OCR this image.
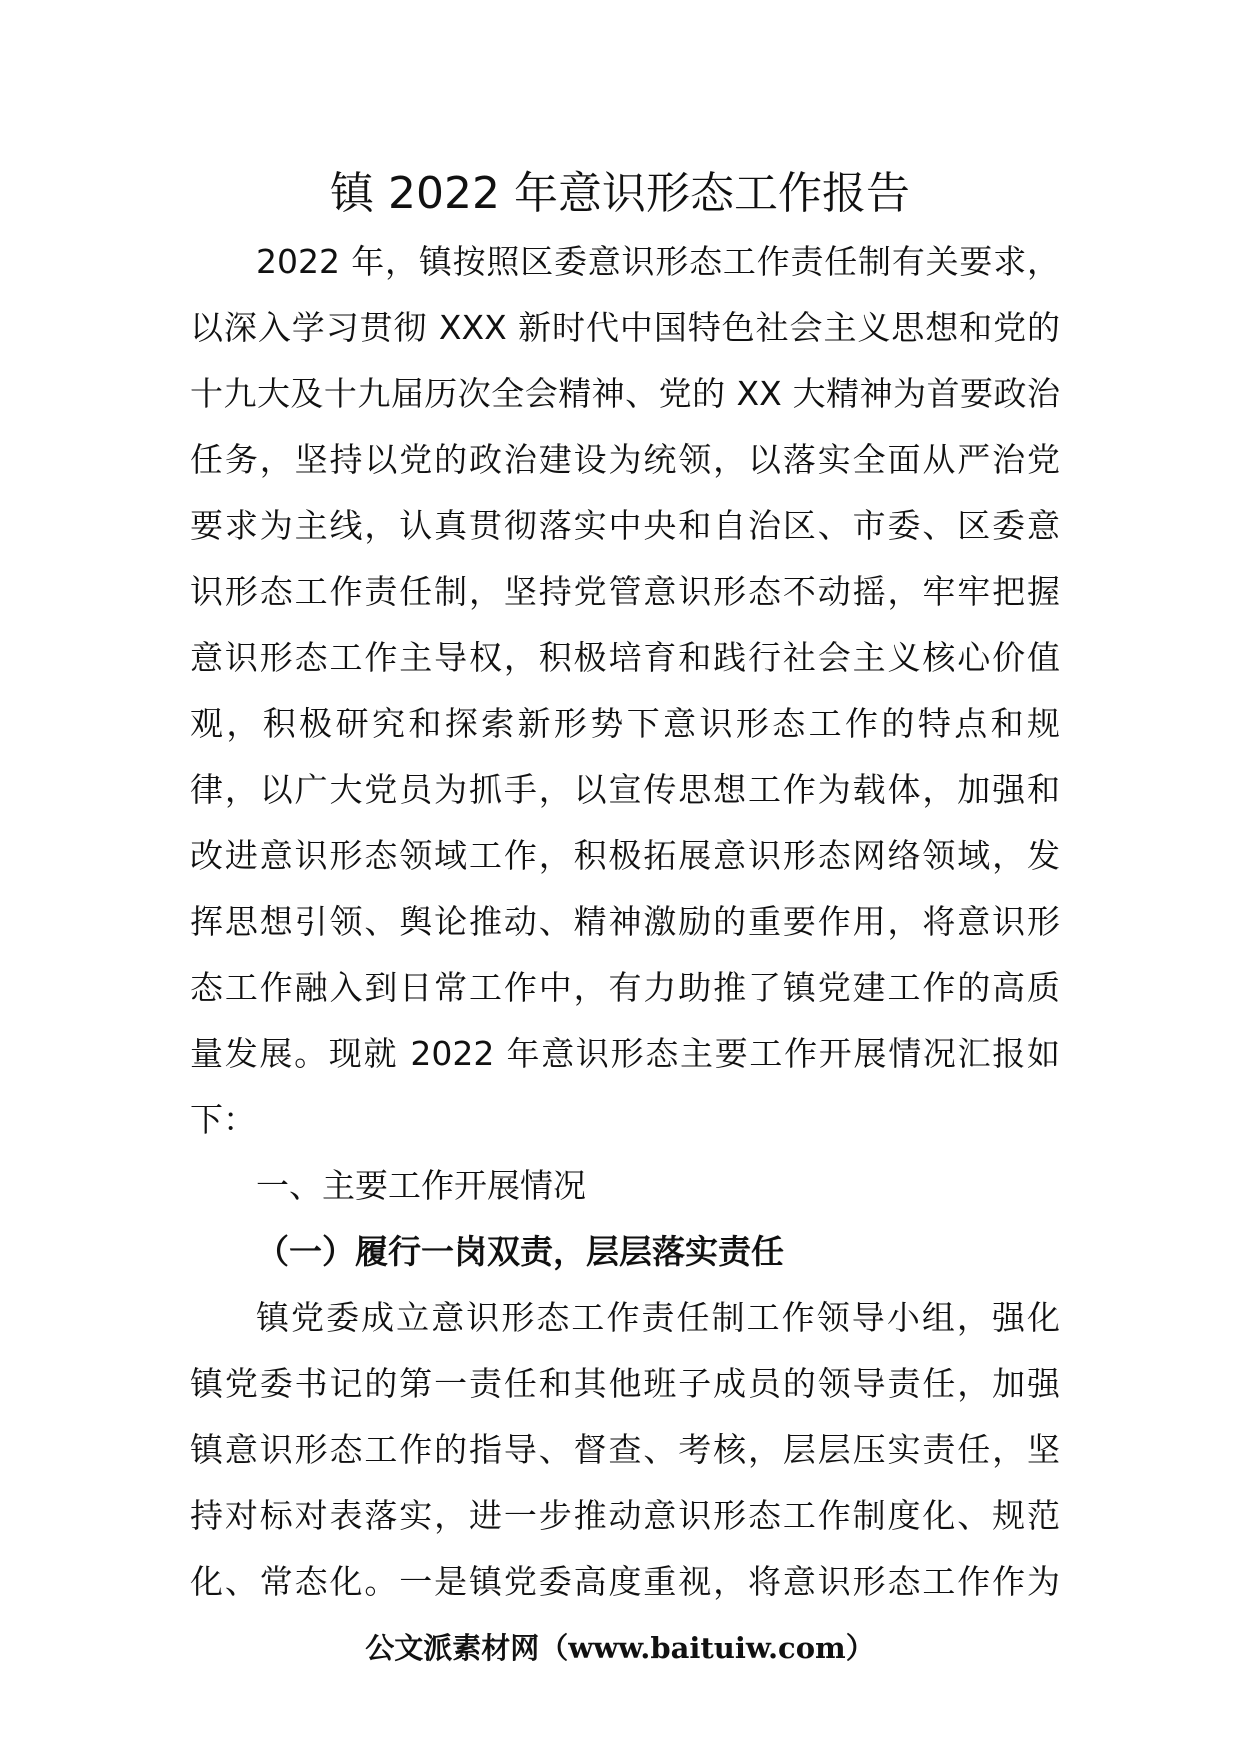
镇 2022 年意识形态工作报告
2022 年，镇按照区委意识形态工作责任制有关要求，
以深入学习贯彻 XXX 新时代中国特色社会主义思想和党的
十九大及十九届历次全会精神、党的 XX 大精神为首要政治
任务，坚持以党的政治建设为统领，以落实全面从严治党
要求为主线，认真贯彻落实中央和自治区、市委、区委意
识形态工作责任制，坚持党管意识形态不动摇，牢牢把握
意识形态工作主导权，积极培育和践行社会主义核心价值
观，积极研究和探索新形势下意识形态工作的特点和规
律，以广大党员为抓手，以宣传思想工作为载体，加强和
改进意识形态领域工作，积极拓展意识形态网络领域，发
挥思想引领、舆论推动、精神激励的重要作用，将意识形
态工作融入到日常工作中，有力助推了镇党建工作的高质
量发展。现就 2022 年意识形态主要工作开展情况汇报如
下：
一、主要工作开展情况
（一）履行一岗双责，层层落实责任
镇党委成立意识形态工作责任制工作领导小组，强化
镇党委书记的第一责任和其他班子成员的领导责任，加强
镇意识形态工作的指导、督查、考核，层层压实责任，坚
持对标对表落实，进一步推动意识形态工作制度化、规范
化、常态化。一是镇党委高度重视，将意识形态工作作为
公文派素材网（www.baituiw.com）
